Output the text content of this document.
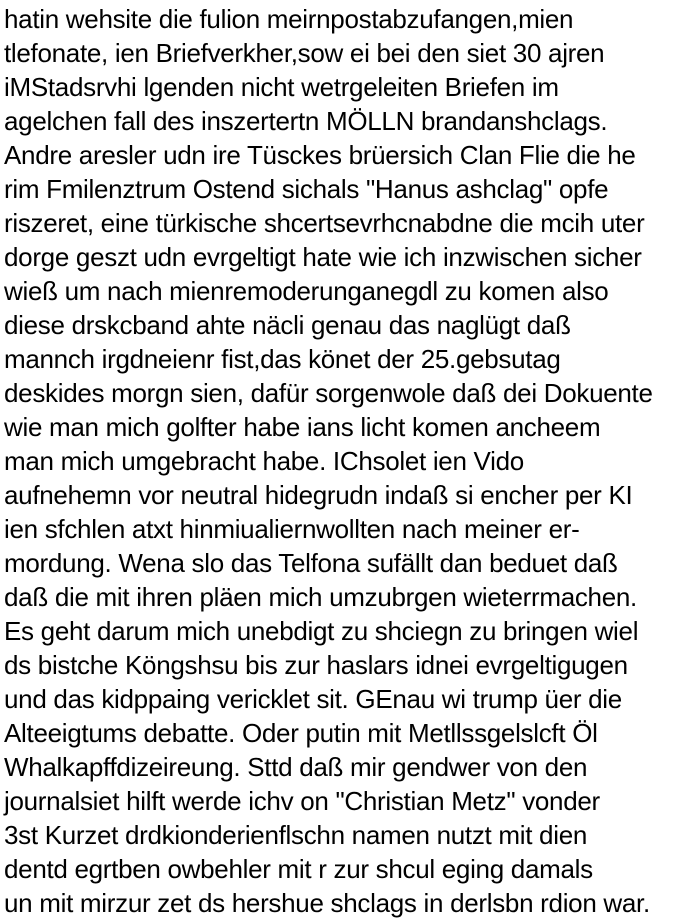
hatin wehsite die fulion meirnpostabzufangen,mien
tlefonate, ien Briefverkher,sow ei bei den siet 30 ajren
iMStadsrvhi lgenden nicht wetrgeleiten Briefen im
agelchen fall des inszertertn MÖLLN brandanshclags.
Andre aresler udn ire Tüsckes brüersich Clan Flie die he
rim Fmilenztrum Ostend sichals "Hanus ashclag" opfe
riszeret, eine türkische shcertsevrhcnabdne die mcih uter
dorge geszt udn evrgeltigt hate wie ich inzwischen sicher
wieß um nach mienremoderunganegdl zu komen also
diese drskcband ahte näcli genau das naglügt daß
mannch irgdneienr fist,das könet der 25.gebsutag
deskides morgn sien, dafür sorgenwole daß dei Dokuente
wie man mich golfter habe ians licht komen ancheem
man mich umgebracht habe. IChsolet ien Vido
aufnehemn vor neutral hidegrudn indaß si encher per KI
ien sfchlen atxt hinmiualiernwollten nach meiner er-
mordung. Wena slo das Telfona sufällt dan beduet daß
daß die mit ihren pläen mich umzubrgen wieterrmachen.
Es geht darum mich unebdigt zu shciegn zu bringen wiel
ds bistche Köngshsu bis zur haslars idnei evrgeltigugen
und das kidppaing vericklet sit. GEnau wi trump üer die
Alteeigtums debatte. Oder putin mit Metllssgelslcft Öl
Whalkapffdizeireung. Sttd daß mir gendwer von den
journalsiet hilft werde ichv on "Christian Metz" vonder
3st Kurzet drdkionderienflschn namen nutzt mit dien
dentd egrtben owbehler mit r zur shcul eging damals
un mit mirzur zet ds hershue shclags in derlsbn rdion war.
